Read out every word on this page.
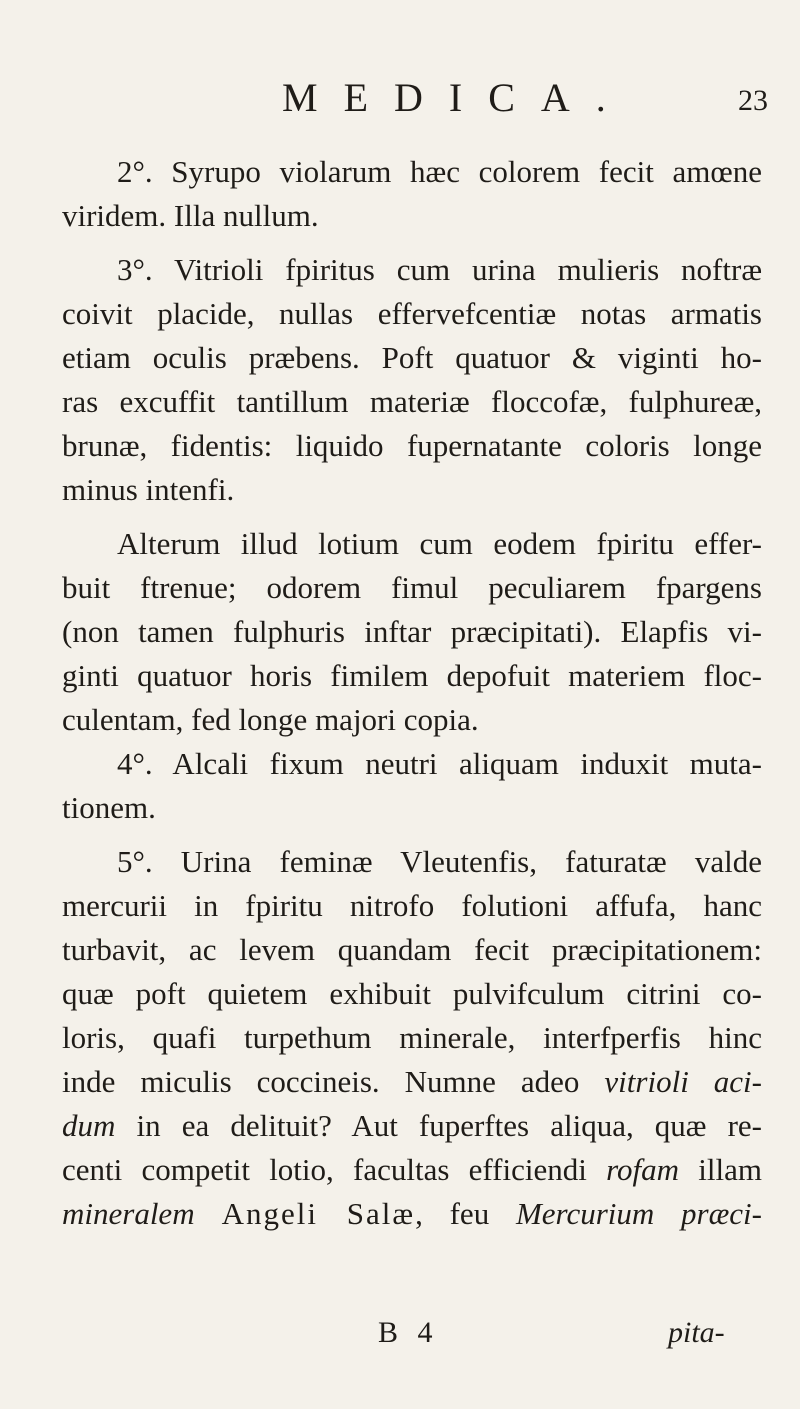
MEDICA.	23
2°. Syrupo violarum hæc colorem fecit amœne
viridem. Illa nullum.
3°. Vitrioli fpiritus cum urina mulieris noftræ
coivit placide, nullas effervefcentiæ notas armatis
etiam oculis præbens. Poft quatuor & viginti ho-
ras excuffit tantillum materiæ floccofæ, fulphureæ,
brunæ, fidentis: liquido fupernatante coloris longe
minus intenfi.
Alterum illud lotium cum eodem fpiritu effer-
buit ftrenue; odorem fimul peculiarem fpargens
(non tamen fulphuris inftar præcipitati). Elapfis vi-
ginti quatuor horis fimilem depofuit materiem floc-
culentam, fed longe majori copia.
4°. Alcali fixum neutri aliquam induxit muta-
tionem.
5°. Urina feminæ Vleutenfis, faturatæ valde
mercurii in fpiritu nitrofo folutioni affufa, hanc
turbavit, ac levem quandam fecit præcipitationem:
quæ poft quietem exhibuit pulvifculum citrini co-
loris, quafi turpethum minerale, interfperfis hinc
inde miculis coccineis. Numne adeo vitrioli aci-
dum in ea delituit? Aut fuperftes aliqua, quæ re-
centi competit lotio, facultas efficiendi rofam illam
mineralem Angeli Salæ, feu Mercurium præci-
B 4	pita-
